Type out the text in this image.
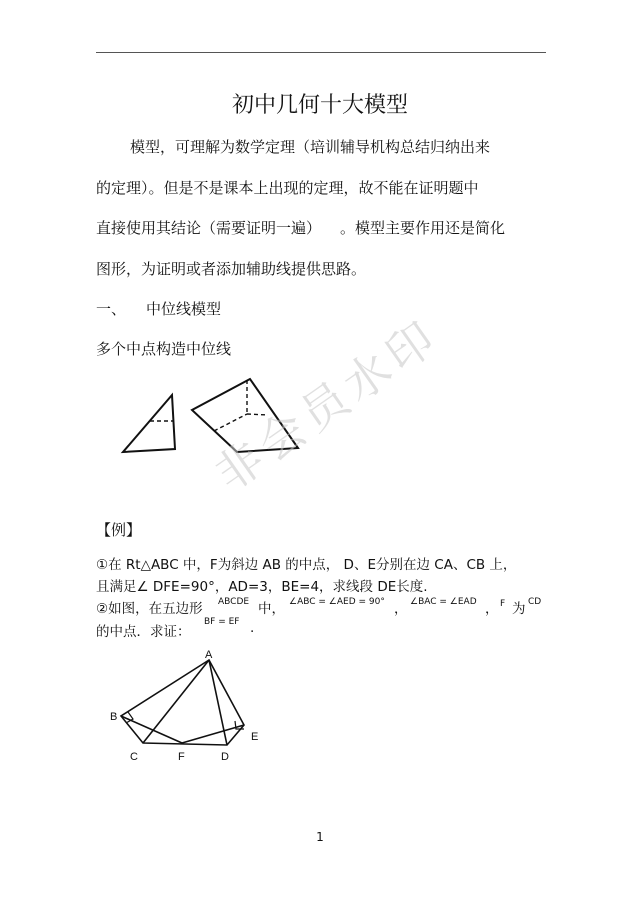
初中几何十大模型
模型，可理解为数学定理（培训辅导机构总结归纳出来
的定理）。但是不是课本上出现的定理，故不能在证明题中
直接使用其结论（需要证明一遍） 。模型主要作用还是简化
图形，为证明或者添加辅助线提供思路。
一、 中位线模型
多个中点构造中位线
非会员水印
【例】
①在 Rt△ABC 中，F为斜边 AB 的中点， D、E分别在边 CA、CB 上，
且满足∠ DFE=90°，AD=3，BE=4，求线段 DE长度.
②如图，在五边形 ABCDE 中， ∠ABC = ∠AED = 90° ， ∠BAC = ∠EAD ， F 为 CD
的中点．求证：
BF = EF .
A
B
C	F	D
E
1
